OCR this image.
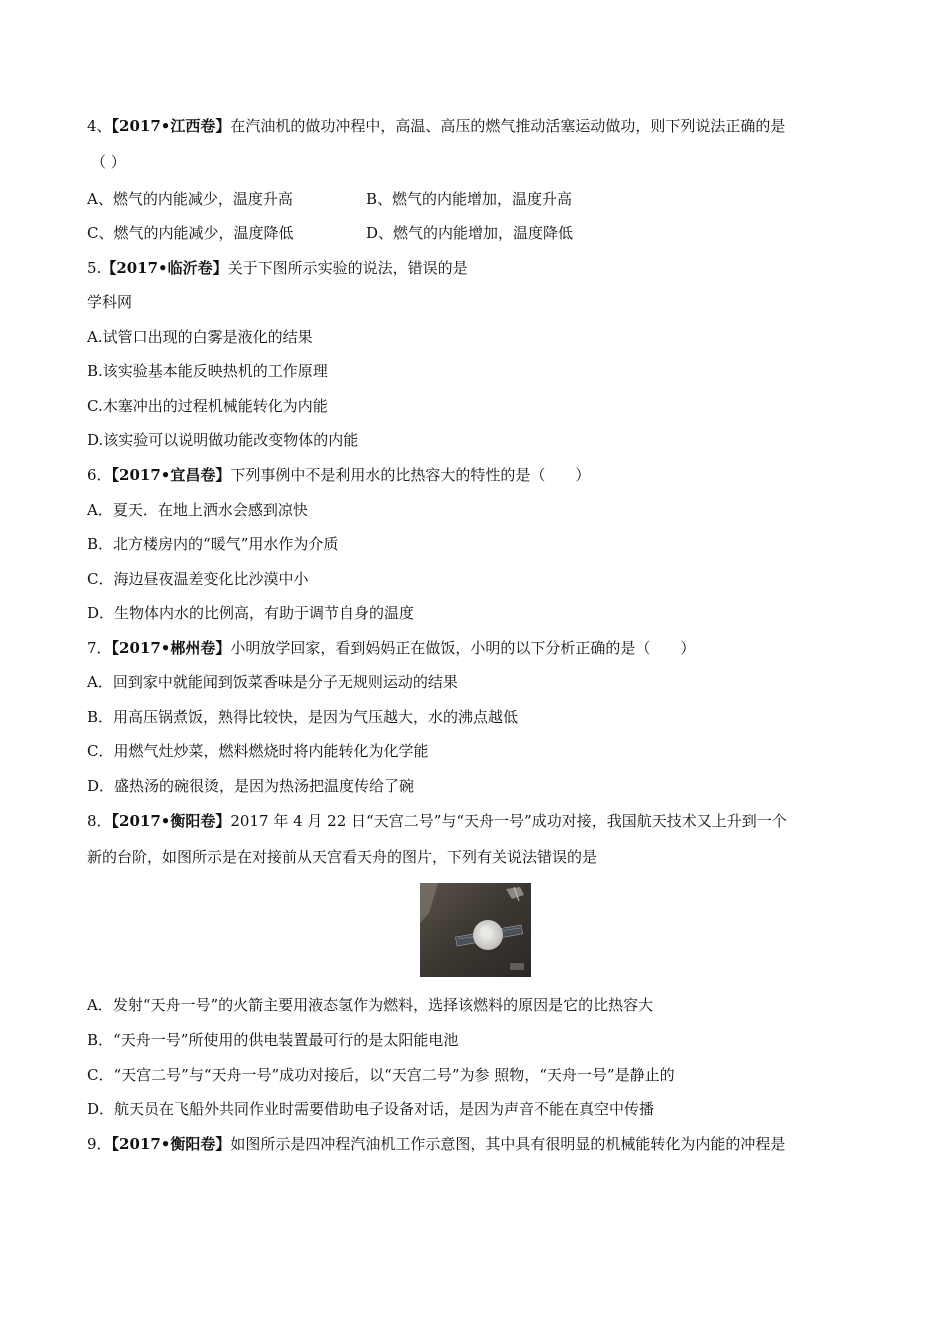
4、【2017•江西卷】在汽油机的做功冲程中，高温、高压的燃气推动活塞运动做功，则下列说法正确的是
（ ）
A、燃气的内能减少，温度升高	B、燃气的内能增加，温度升高
C、燃气的内能减少，温度降低	D、燃气的内能增加，温度降低
5.【2017•临沂卷】关于下图所示实验的说法，错误的是
学科网
A.试管口出现的白雾是液化的结果
B.该实验基本能反映热机的工作原理
C.木塞冲出的过程机械能转化为内能
D.该实验可以说明做功能改变物体的内能
6．【2017•宜昌卷】下列事例中不是利用水的比热容大的特性的是（　　）
A．夏天．在地上洒水会感到凉快
B．北方楼房内的“暖气”用水作为介质
C．海边昼夜温差变化比沙漠中小
D．生物体内水的比例高，有助于调节自身的温度
7．【2017•郴州卷】小明放学回家，看到妈妈正在做饭，小明的以下分析正确的是（　　）
A．回到家中就能闻到饭菜香味是分子无规则运动的结果
B．用高压锅煮饭，熟得比较快，是因为气压越大，水的沸点越低
C．用燃气灶炒菜，燃料燃烧时将内能转化为化学能
D．盛热汤的碗很烫，是因为热汤把温度传给了碗
8．【2017•衡阳卷】2017 年 4 月 22 日“天宫二号”与“天舟一号”成功对接，我国航天技术又上升到一个
新的台阶，如图所示是在对接前从天宫看天舟的图片，下列有关说法错误的是
A．发射“天舟一号”的火箭主要用液态氢作为燃料，选择该燃料的原因是它的比热容大
B．“天舟一号”所使用的供电装置最可行的是太阳能电池
C．“天宫二号”与“天舟一号”成功对接后，以“天宫二号”为参 照物，“天舟一号”是静止的
D．航天员在飞船外共同作业时需要借助电子设备对话，是因为声音不能在真空中传播
9．【2017•衡阳卷】如图所示是四冲程汽油机工作示意图，其中具有很明显的机械能转化为内能的冲程是
